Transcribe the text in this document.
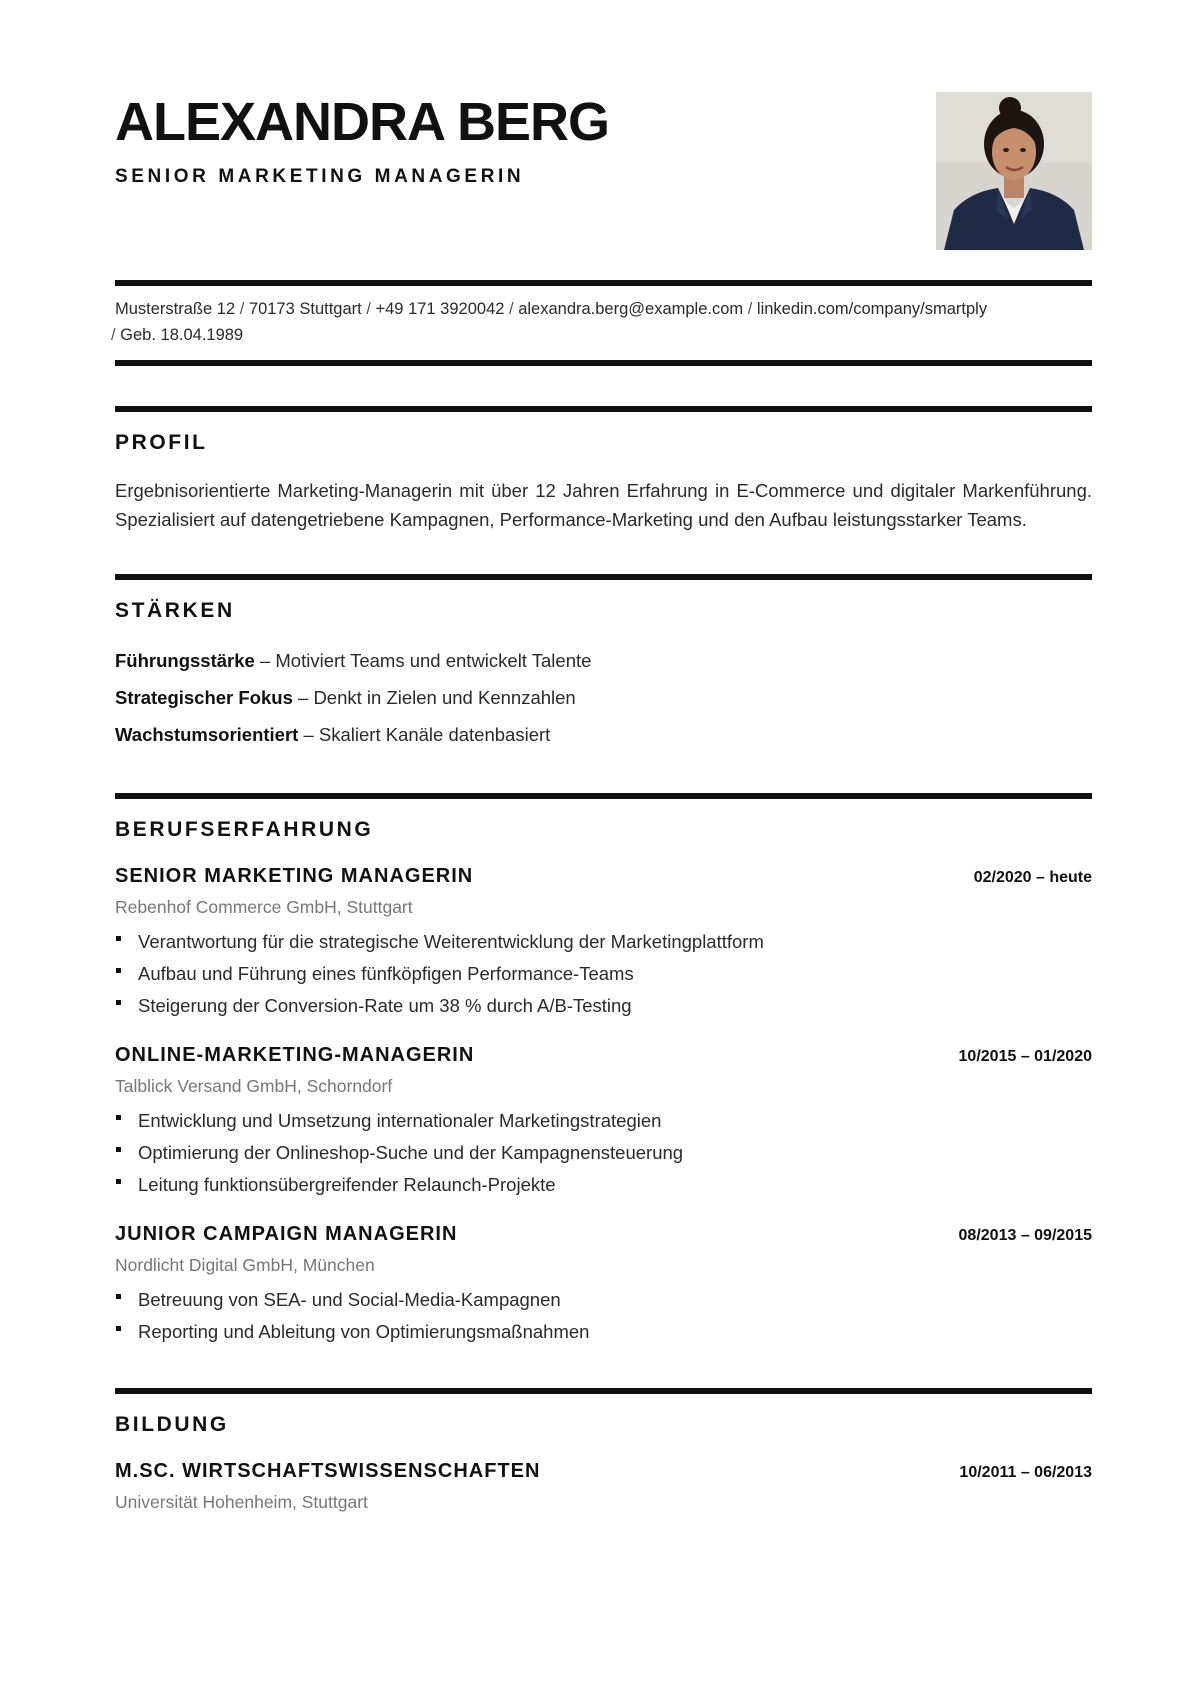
ALEXANDRA BERG
SENIOR MARKETING MANAGERIN
Musterstraße 12 / 70173 Stuttgart / +49 171 3920042 / alexandra.berg@example.com / linkedin.com/company/smartply
/ Geb. 18.04.1989
PROFIL
Ergebnisorientierte Marketing-Managerin mit über 12 Jahren Erfahrung in E-Commerce und digitaler Markenführung. Spezialisiert auf datengetriebene Kampagnen, Performance-Marketing und den Aufbau leistungsstarker Teams.
STÄRKEN
Führungsstärke – Motiviert Teams und entwickelt Talente
Strategischer Fokus – Denkt in Zielen und Kennzahlen
Wachstumsorientiert – Skaliert Kanäle datenbasiert
BERUFSERFAHRUNG
SENIOR MARKETING MANAGERIN	02/2020 – heute
Rebenhof Commerce GmbH, Stuttgart
Verantwortung für die strategische Weiterentwicklung der Marketingplattform
Aufbau und Führung eines fünfköpfigen Performance-Teams
Steigerung der Conversion-Rate um 38 % durch A/B-Testing
ONLINE-MARKETING-MANAGERIN	10/2015 – 01/2020
Talblick Versand GmbH, Schorndorf
Entwicklung und Umsetzung internationaler Marketingstrategien
Optimierung der Onlineshop-Suche und der Kampagnensteuerung
Leitung funktionsübergreifender Relaunch-Projekte
JUNIOR CAMPAIGN MANAGERIN	08/2013 – 09/2015
Nordlicht Digital GmbH, München
Betreuung von SEA- und Social-Media-Kampagnen
Reporting und Ableitung von Optimierungsmaßnahmen
BILDUNG
M.SC. WIRTSCHAFTSWISSENSCHAFTEN	10/2011 – 06/2013
Universität Hohenheim, Stuttgart
